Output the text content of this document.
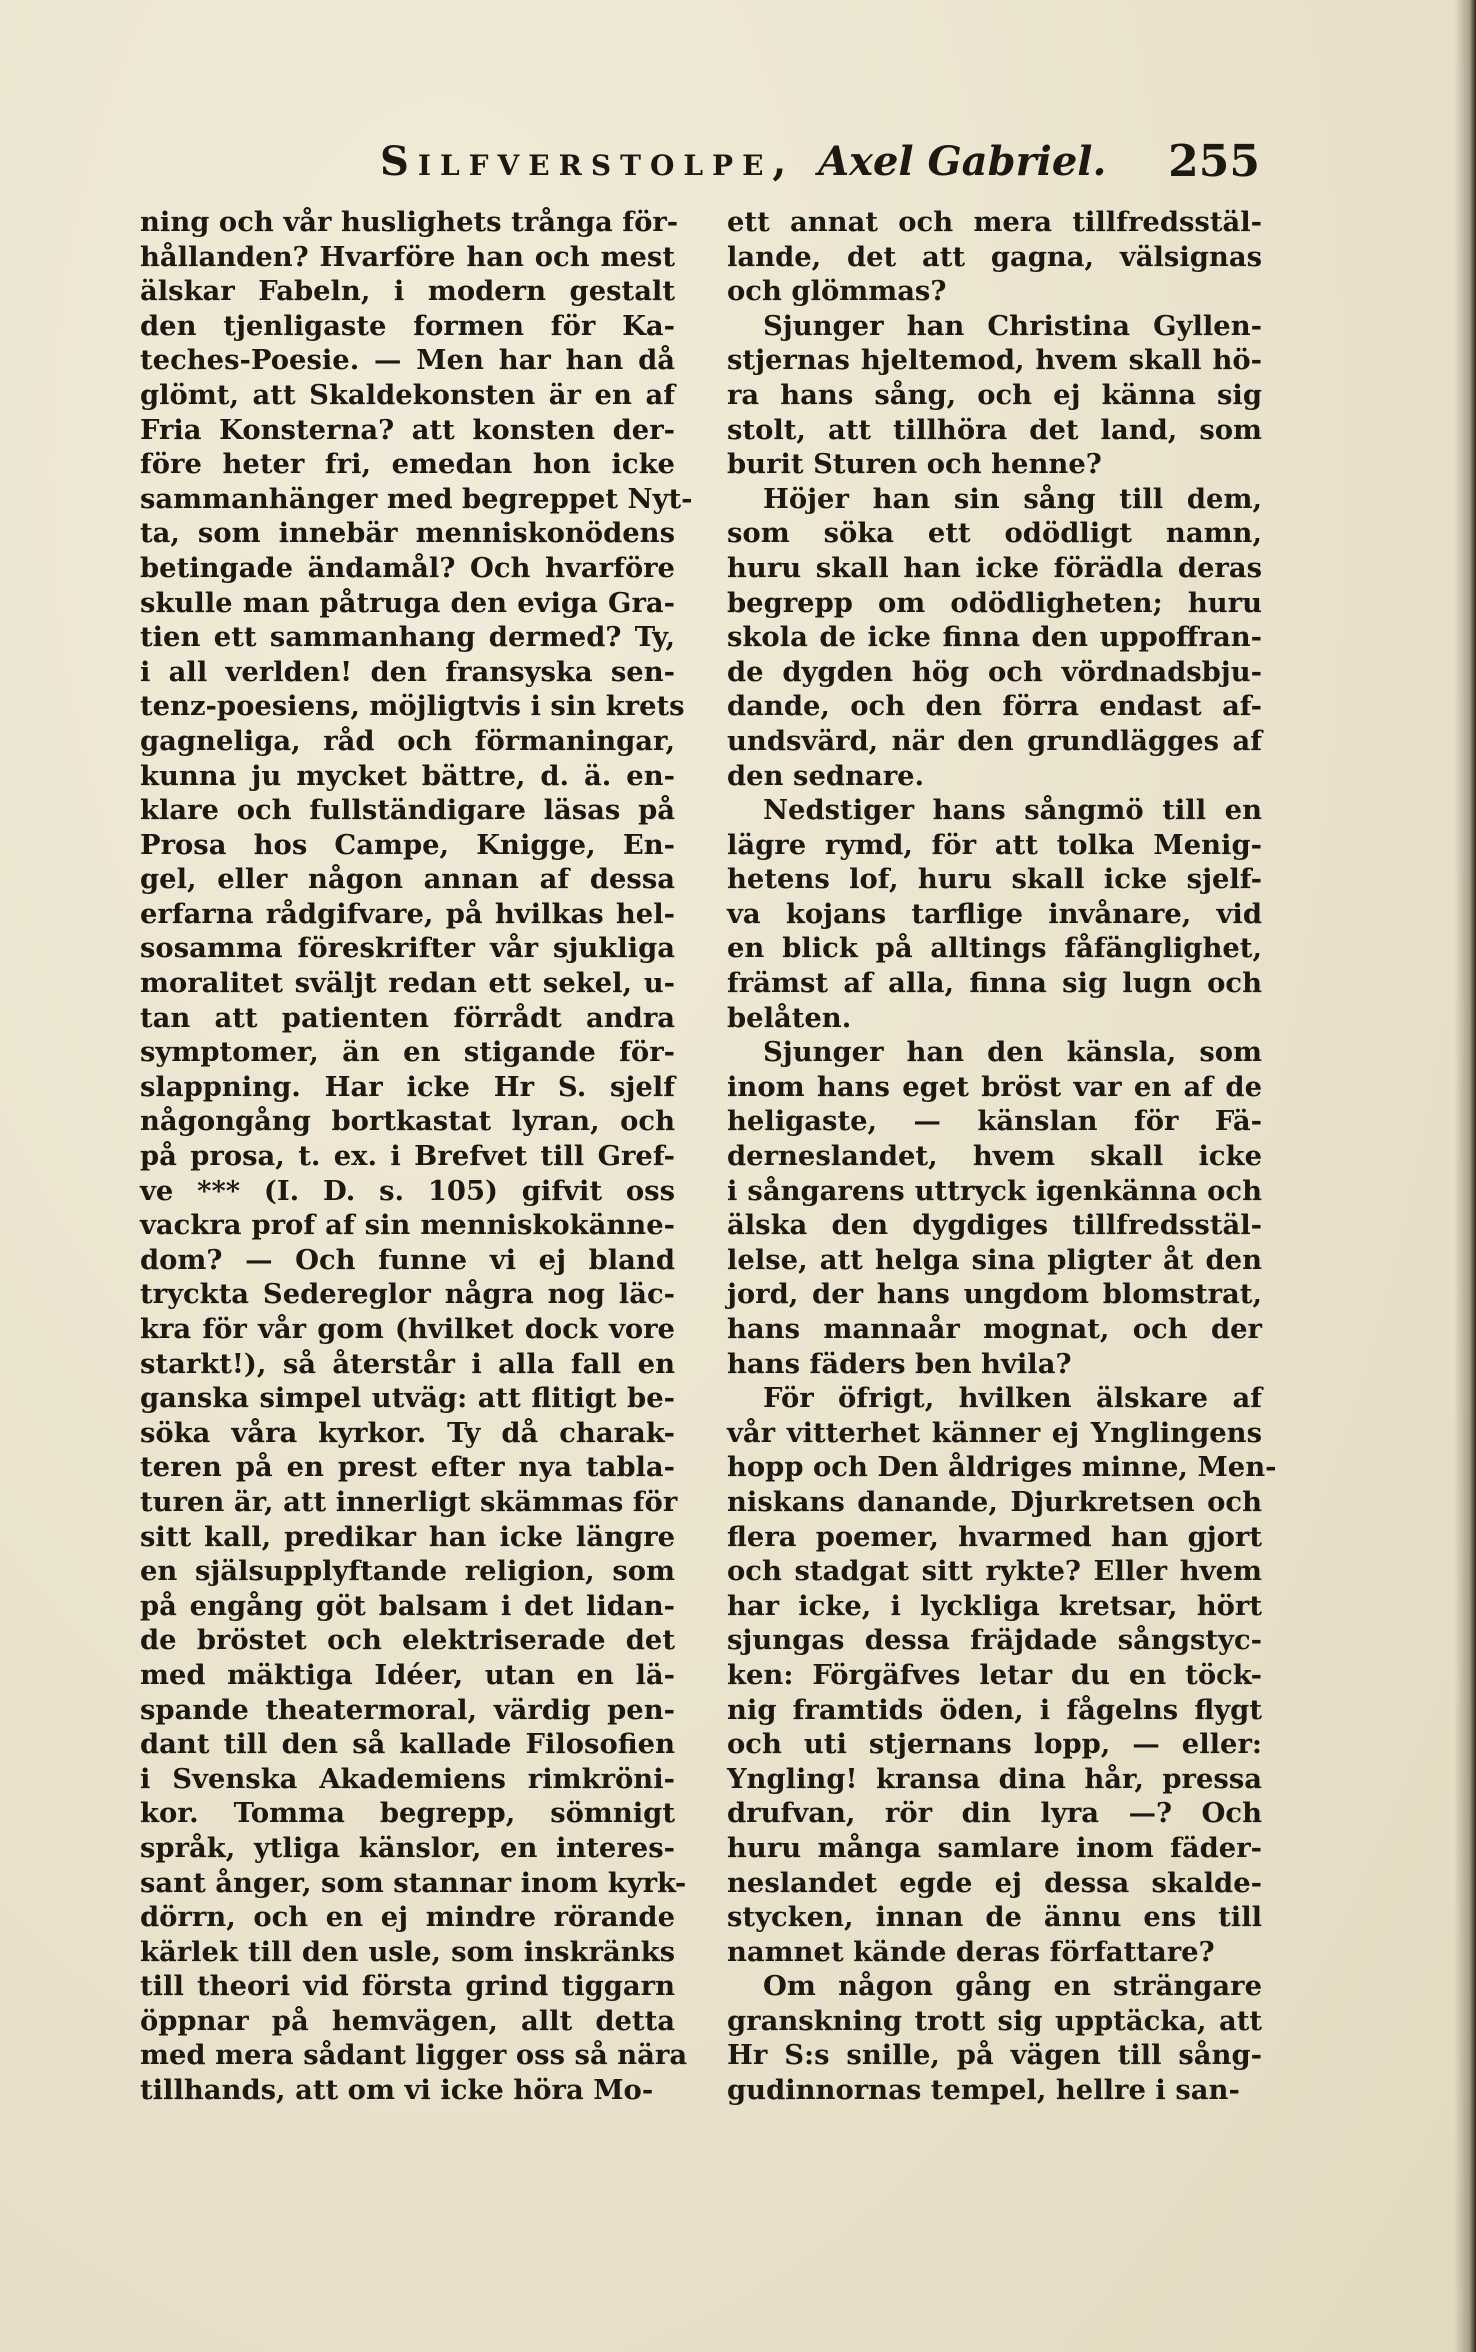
Silfverstolpe, Axel Gabriel. 255
ning och vår huslighets trånga för-
hållanden? Hvarföre han och mest
älskar Fabeln, i modern gestalt
den tjenligaste formen för Ka-
teches-Poesie. — Men har han då
glömt, att Skaldekonsten är en af
Fria Konsterna? att konsten der-
före heter fri, emedan hon icke
sammanhänger med begreppet Nyt-
ta, som innebär menniskonödens
betingade ändamål? Och hvarföre
skulle man påtruga den eviga Gra-
tien ett sammanhang dermed? Ty,
i all verlden! den fransyska sen-
tenz-poesiens, möjligtvis i sin krets
gagneliga, råd och förmaningar,
kunna ju mycket bättre, d. ä. en-
klare och fullständigare läsas på
Prosa hos Campe, Knigge, En-
gel, eller någon annan af dessa
erfarna rådgifvare, på hvilkas hel-
sosamma föreskrifter vår sjukliga
moralitet sväljt redan ett sekel, u-
tan att patienten förrådt andra
symptomer, än en stigande för-
slappning. Har icke Hr S. sjelf
någongång bortkastat lyran, och
på prosa, t. ex. i Brefvet till Gref-
ve *** (I. D. s. 105) gifvit oss
vackra prof af sin menniskokänne-
dom? — Och funne vi ej bland
tryckta Sedereglor några nog läc-
kra för vår gom (hvilket dock vore
starkt!), så återstår i alla fall en
ganska simpel utväg: att flitigt be-
söka våra kyrkor. Ty då charak-
teren på en prest efter nya tabla-
turen är, att innerligt skämmas för
sitt kall, predikar han icke längre
en själsupplyftande religion, som
på engång göt balsam i det lidan-
de bröstet och elektriserade det
med mäktiga Idéer, utan en lä-
spande theatermoral, värdig pen-
dant till den så kallade Filosofien
i Svenska Akademiens rimkröni-
kor. Tomma begrepp, sömnigt
språk, ytliga känslor, en interes-
sant ånger, som stannar inom kyrk-
dörrn, och en ej mindre rörande
kärlek till den usle, som inskränks
till theori vid första grind tiggarn
öppnar på hemvägen, allt detta
med mera sådant ligger oss så nära
tillhands, att om vi icke höra Mo-
ett annat och mera tillfredsstäl-
lande, det att gagna, välsignas
och glömmas?
Sjunger han Christina Gyllen-
stjernas hjeltemod, hvem skall hö-
ra hans sång, och ej känna sig
stolt, att tillhöra det land, som
burit Sturen och henne?
Höjer han sin sång till dem,
som söka ett odödligt namn,
huru skall han icke förädla deras
begrepp om odödligheten; huru
skola de icke finna den uppoffran-
de dygden hög och vördnadsbju-
dande, och den förra endast af-
undsvärd, när den grundlägges af
den sednare.
Nedstiger hans sångmö till en
lägre rymd, för att tolka Menig-
hetens lof, huru skall icke sjelf-
va kojans tarflige invånare, vid
en blick på alltings fåfänglighet,
främst af alla, finna sig lugn och
belåten.
Sjunger han den känsla, som
inom hans eget bröst var en af de
heligaste, — känslan för Fä-
derneslandet, hvem skall icke
i sångarens uttryck igenkänna och
älska den dygdiges tillfredsstäl-
lelse, att helga sina pligter åt den
jord, der hans ungdom blomstrat,
hans mannaår mognat, och der
hans fäders ben hvila?
För öfrigt, hvilken älskare af
vår vitterhet känner ej Ynglingens
hopp och Den åldriges minne, Men-
niskans danande, Djurkretsen och
flera poemer, hvarmed han gjort
och stadgat sitt rykte? Eller hvem
har icke, i lyckliga kretsar, hört
sjungas dessa fräjdade sångstyc-
ken: Förgäfves letar du en töck-
nig framtids öden, i fågelns flygt
och uti stjernans lopp, — eller:
Yngling! kransa dina hår, pressa
drufvan, rör din lyra —? Och
huru många samlare inom fäder-
neslandet egde ej dessa skalde-
stycken, innan de ännu ens till
namnet kände deras författare?
Om någon gång en strängare
granskning trott sig upptäcka, att
Hr S:s snille, på vägen till sång-
gudinnornas tempel, hellre i san-
